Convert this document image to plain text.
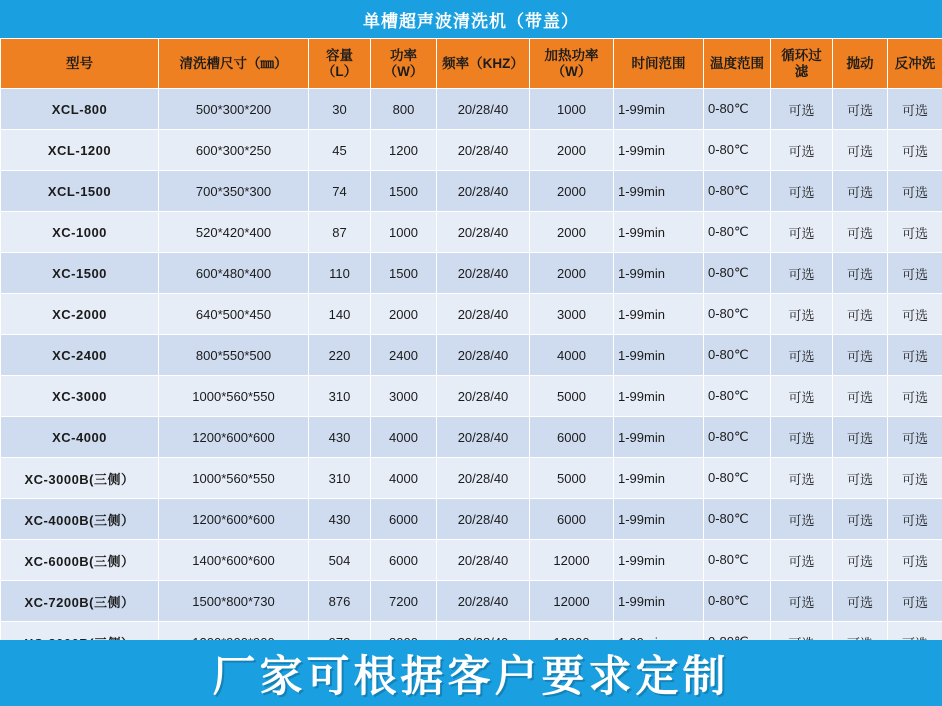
单槽超声波清洗机（带盖）
型号	清洗槽尺寸（㎜）	容量（L）	功率（W）	频率（KHZ）	加热功率（W）	时间范围	温度范围	循环过滤	抛动	反冲洗
XCL-800	500*300*200	30	800	20/28/40	1000	1-99min	0-80℃	可选	可选	可选
XCL-1200	600*300*250	45	1200	20/28/40	2000	1-99min	0-80℃	可选	可选	可选
XCL-1500	700*350*300	74	1500	20/28/40	2000	1-99min	0-80℃	可选	可选	可选
XC-1000	520*420*400	87	1000	20/28/40	2000	1-99min	0-80℃	可选	可选	可选
XC-1500	600*480*400	110	1500	20/28/40	2000	1-99min	0-80℃	可选	可选	可选
XC-2000	640*500*450	140	2000	20/28/40	3000	1-99min	0-80℃	可选	可选	可选
XC-2400	800*550*500	220	2400	20/28/40	4000	1-99min	0-80℃	可选	可选	可选
XC-3000	1000*560*550	310	3000	20/28/40	5000	1-99min	0-80℃	可选	可选	可选
XC-4000	1200*600*600	430	4000	20/28/40	6000	1-99min	0-80℃	可选	可选	可选
XC-3000B(三侧）	1000*560*550	310	4000	20/28/40	5000	1-99min	0-80℃	可选	可选	可选
XC-4000B(三侧）	1200*600*600	430	6000	20/28/40	6000	1-99min	0-80℃	可选	可选	可选
XC-6000B(三侧）	1400*600*600	504	6000	20/28/40	12000	1-99min	0-80℃	可选	可选	可选
XC-7200B(三侧）	1500*800*730	876	7200	20/28/40	12000	1-99min	0-80℃	可选	可选	可选

厂家可根据客户要求定制
